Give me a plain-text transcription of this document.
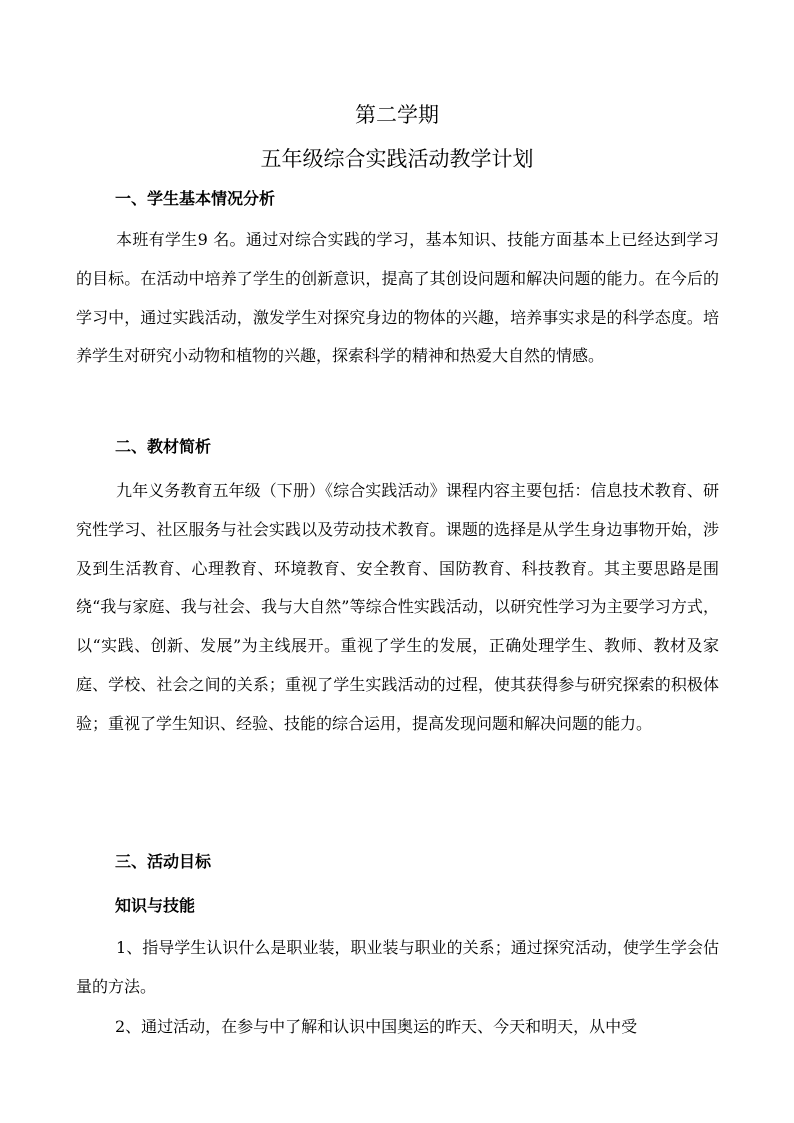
第二学期
五年级综合实践活动教学计划
一、学生基本情况分析

本班有学生9 名。通过对综合实践的学习，基本知识、技能方面基本上已经达到学习的目标。在活动中培养了学生的创新意识，提高了其创设问题和解决问题的能力。在今后的学习中，通过实践活动，激发学生对探究身边的物体的兴趣，培养事实求是的科学态度。培养学生对研究小动物和植物的兴趣，探索科学的精神和热爱大自然的情感。

二、教材简析

九年义务教育五年级（下册）《综合实践活动》课程内容主要包括：信息技术教育、研究性学习、社区服务与社会实践以及劳动技术教育。课题的选择是从学生身边事物开始，涉及到生活教育、心理教育、环境教育、安全教育、国防教育、科技教育。其主要思路是围绕“我与家庭、我与社会、我与大自然”等综合性实践活动，以研究性学习为主要学习方式，以“实践、创新、发展”为主线展开。重视了学生的发展，正确处理学生、教师、教材及家庭、学校、社会之间的关系；重视了学生实践活动的过程，使其获得参与研究探索的积极体验；重视了学生知识、经验、技能的综合运用，提高发现问题和解决问题的能力。

三、活动目标
知识与技能

1、指导学生认识什么是职业装，职业装与职业的关系；通过探究活动，使学生学会估量的方法。

2、通过活动，在参与中了解和认识中国奥运的昨天、今天和明天，从中受
